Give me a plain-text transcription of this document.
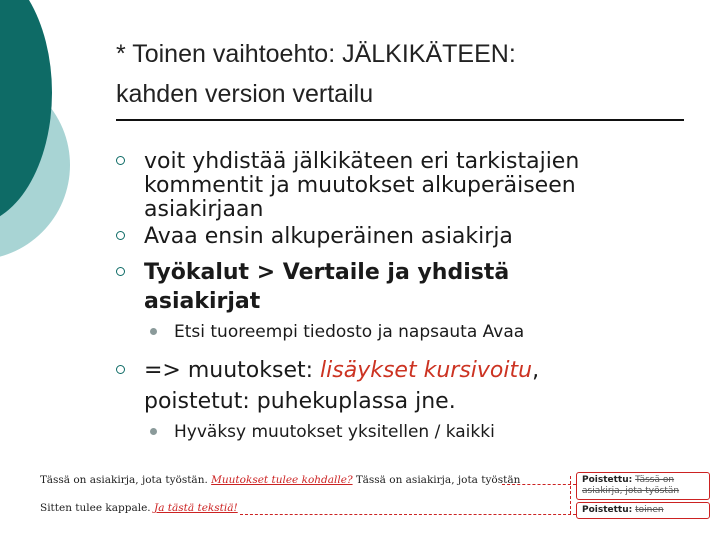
* Toinen vaihtoehto: JÄLKIKÄTEEN:
kahden version vertailu
voit yhdistää jälkikäteen eri tarkistajien
kommentit ja muutokset alkuperäiseen
asiakirjaan
Avaa ensin alkuperäinen asiakirja
Työkalut > Vertaile ja yhdistä
asiakirjat
Etsi tuoreempi tiedosto ja napsauta Avaa
=> muutokset: lisäykset kursivoitu,
poistetut: puhekuplassa jne.
Hyväksy muutokset yksitellen / kaikki
Tässä on asiakirja, jota työstän. Muutokset tulee kohdalle? Tässä on asiakirja, jota työstän
Sitten tulee kappale. Ja tästä tekstiä!
Poistettu: Tässä on asiakirja, jota työstän
Poistettu: toinen
